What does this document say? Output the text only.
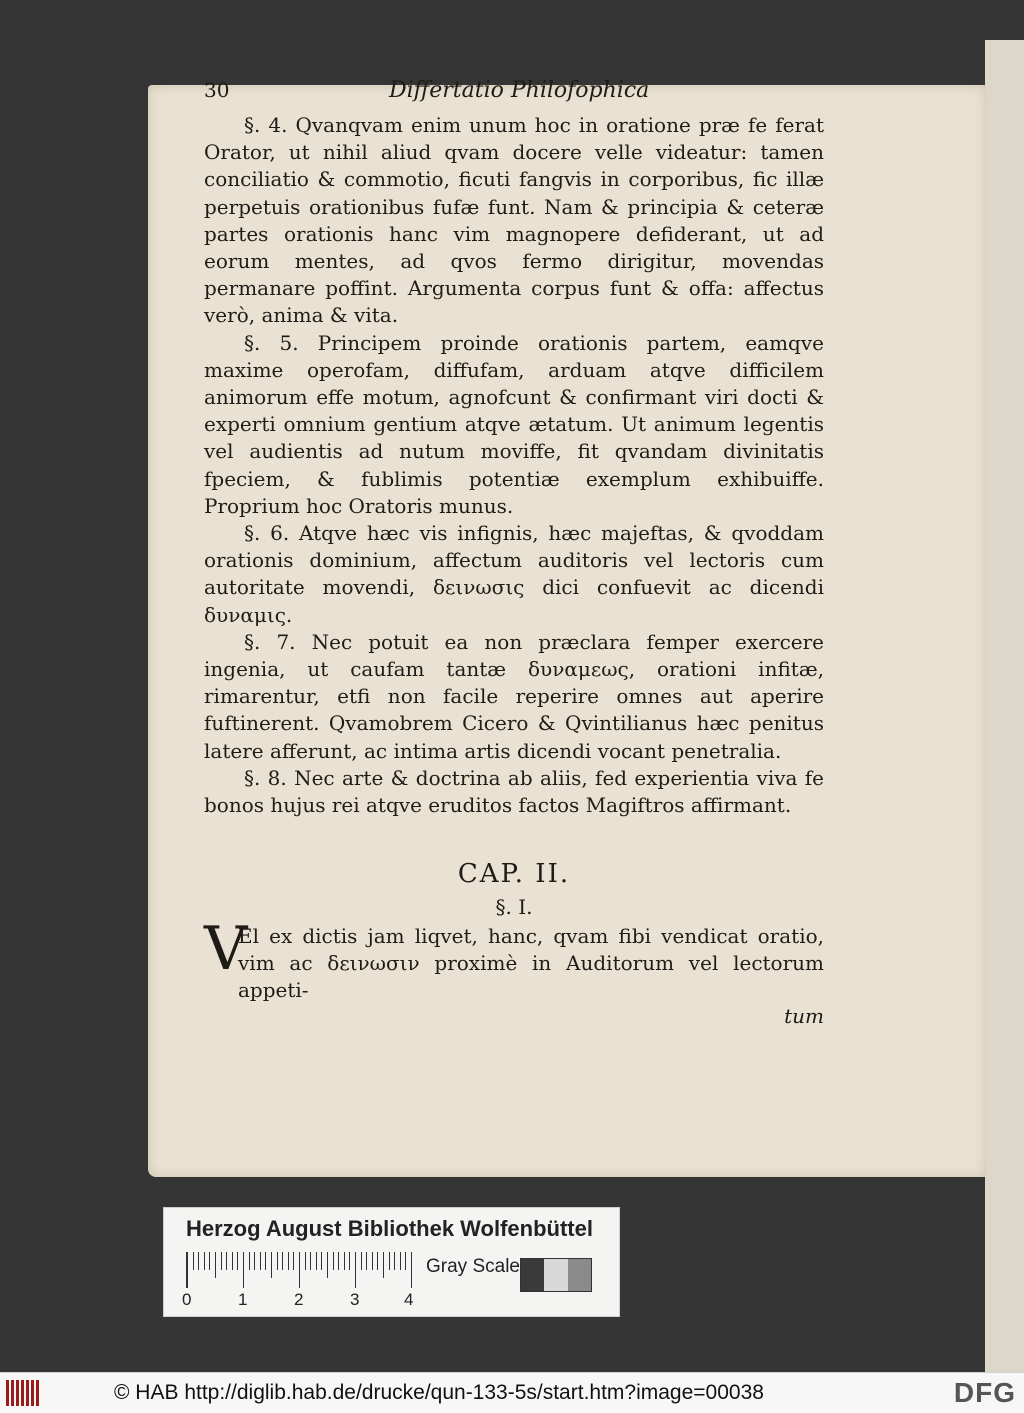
30	Differtatio Philofophica

§. 4. Qvanqvam enim unum hoc in oratione præ fe ferat Orator, ut nihil aliud qvam docere velle videatur: tamen conciliatio & commotio, ficuti fangvis in corporibus, fic illæ perpetuis orationibus fufæ funt. Nam & principia & ceteræ partes orationis hanc vim magnopere defiderant, ut ad eorum mentes, ad qvos fermo dirigitur, movendas permanare poffint. Argumenta corpus funt & offa: affectus verò, anima & vita.

§. 5. Principem proinde orationis partem, eamqve maxime operofam, diffufam, arduam atqve difficilem animorum effe motum, agnofcunt & confirmant viri docti & experti omnium gentium atqve ætatum. Ut animum legentis vel audientis ad nutum moviffe, fit qvandam divinitatis fpeciem, & fublimis potentiæ exemplum exhibuiffe. Proprium hoc Oratoris munus.

§. 6. Atqve hæc vis infignis, hæc majeftas, & qvoddam orationis dominium, affectum auditoris vel lectoris cum autoritate movendi, δεινωσις dici confuevit ac dicendi δυναμις.

§. 7. Nec potuit ea non præclara femper exercere ingenia, ut caufam tantæ δυναμεως, orationi infitæ, rimarentur, etfi non facile reperire omnes aut aperire fuftinerent. Qvamobrem Cicero & Qvintilianus hæc penitus latere afferunt, ac intima artis dicendi vocant penetralia.

§. 8. Nec arte & doctrina ab aliis, fed experientia viva fe bonos hujus rei atqve eruditos factos Magiftros affirmant.

CAP. II.
§. I.
V
El ex dictis jam liqvet, hanc, qvam fibi vendicat oratio, vim ac δεινωσιν proximè in Auditorum vel lectorum appeti-
tum
Herzog August Bibliothek Wolfenbüttel
0	1	2	3	4
Gray Scale
© HAB http://diglib.hab.de/drucke/qun-133-5s/start.htm?image=00038	DFG
